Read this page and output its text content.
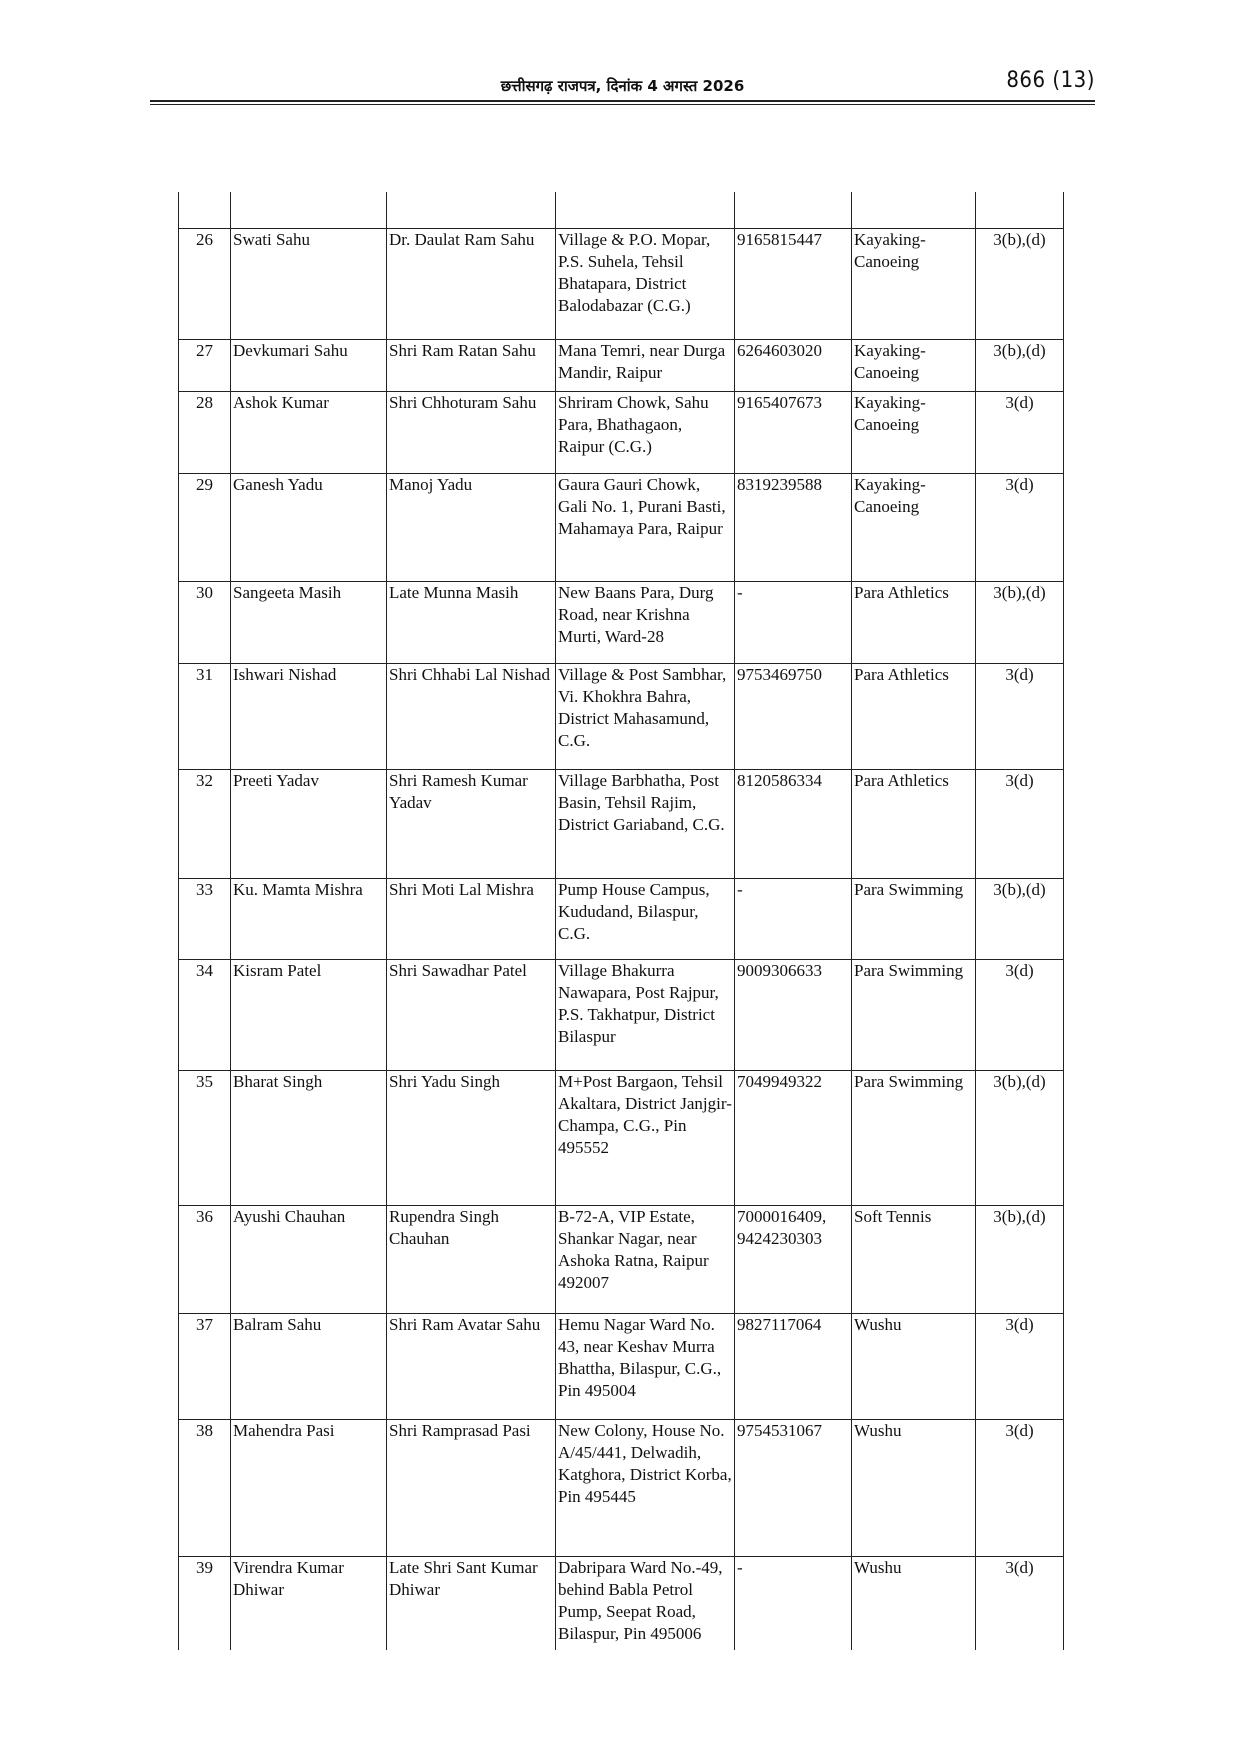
छत्तीसगढ़ राजपत्र, दिनांक 4 अगस्त 2026	866 (13)

26	Swati Sahu	Dr. Daulat Ram Sahu	Village & P.O. Mopar, P.S. Suhela, Tehsil Bhatapara, District Balodabazar (C.G.)	9165815447	Kayaking-Canoeing	3(b),(d)
27	Devkumari Sahu	Shri Ram Ratan Sahu	Mana Temri, near Durga Mandir, Raipur	6264603020	Kayaking-Canoeing	3(b),(d)
28	Ashok Kumar	Shri Chhoturam Sahu	Shriram Chowk, Sahu Para, Bhathagaon, Raipur (C.G.)	9165407673	Kayaking-Canoeing	3(d)
29	Ganesh Yadu	Manoj Yadu	Gaura Gauri Chowk, Gali No. 1, Purani Basti, Mahamaya Para, Raipur	8319239588	Kayaking-Canoeing	3(d)
30	Sangeeta Masih	Late Munna Masih	New Baans Para, Durg Road, near Krishna Murti, Ward-28	-	Para Athletics	3(b),(d)
31	Ishwari Nishad	Shri Chhabi Lal Nishad	Village & Post Sambhar, Vi. Khokhra Bahra, District Mahasamund, C.G.	9753469750	Para Athletics	3(d)
32	Preeti Yadav	Shri Ramesh Kumar Yadav	Village Barbhatha, Post Basin, Tehsil Rajim, District Gariaband, C.G.	8120586334	Para Athletics	3(d)
33	Ku. Mamta Mishra	Shri Moti Lal Mishra	Pump House Campus, Kududand, Bilaspur, C.G.	-	Para Swimming	3(b),(d)
34	Kisram Patel	Shri Sawadhar Patel	Village Bhakurra Nawapara, Post Rajpur, P.S. Takhatpur, District Bilaspur	9009306633	Para Swimming	3(d)
35	Bharat Singh	Shri Yadu Singh	M+Post Bargaon, Tehsil Akaltara, District Janjgir-Champa, C.G., Pin 495552	7049949322	Para Swimming	3(b),(d)
36	Ayushi Chauhan	Rupendra Singh Chauhan	B-72-A, VIP Estate, Shankar Nagar, near Ashoka Ratna, Raipur 492007	7000016409, 9424230303	Soft Tennis	3(b),(d)
37	Balram Sahu	Shri Ram Avatar Sahu	Hemu Nagar Ward No. 43, near Keshav Murra Bhattha, Bilaspur, C.G., Pin 495004	9827117064	Wushu	3(d)
38	Mahendra Pasi	Shri Ramprasad Pasi	New Colony, House No. A/45/441, Delwadih, Katghora, District Korba, Pin 495445	9754531067	Wushu	3(d)
39	Virendra Kumar Dhiwar	Late Shri Sant Kumar Dhiwar	Dabripara Ward No.-49, behind Babla Petrol Pump, Seepat Road, Bilaspur, Pin 495006	-	Wushu	3(d)
